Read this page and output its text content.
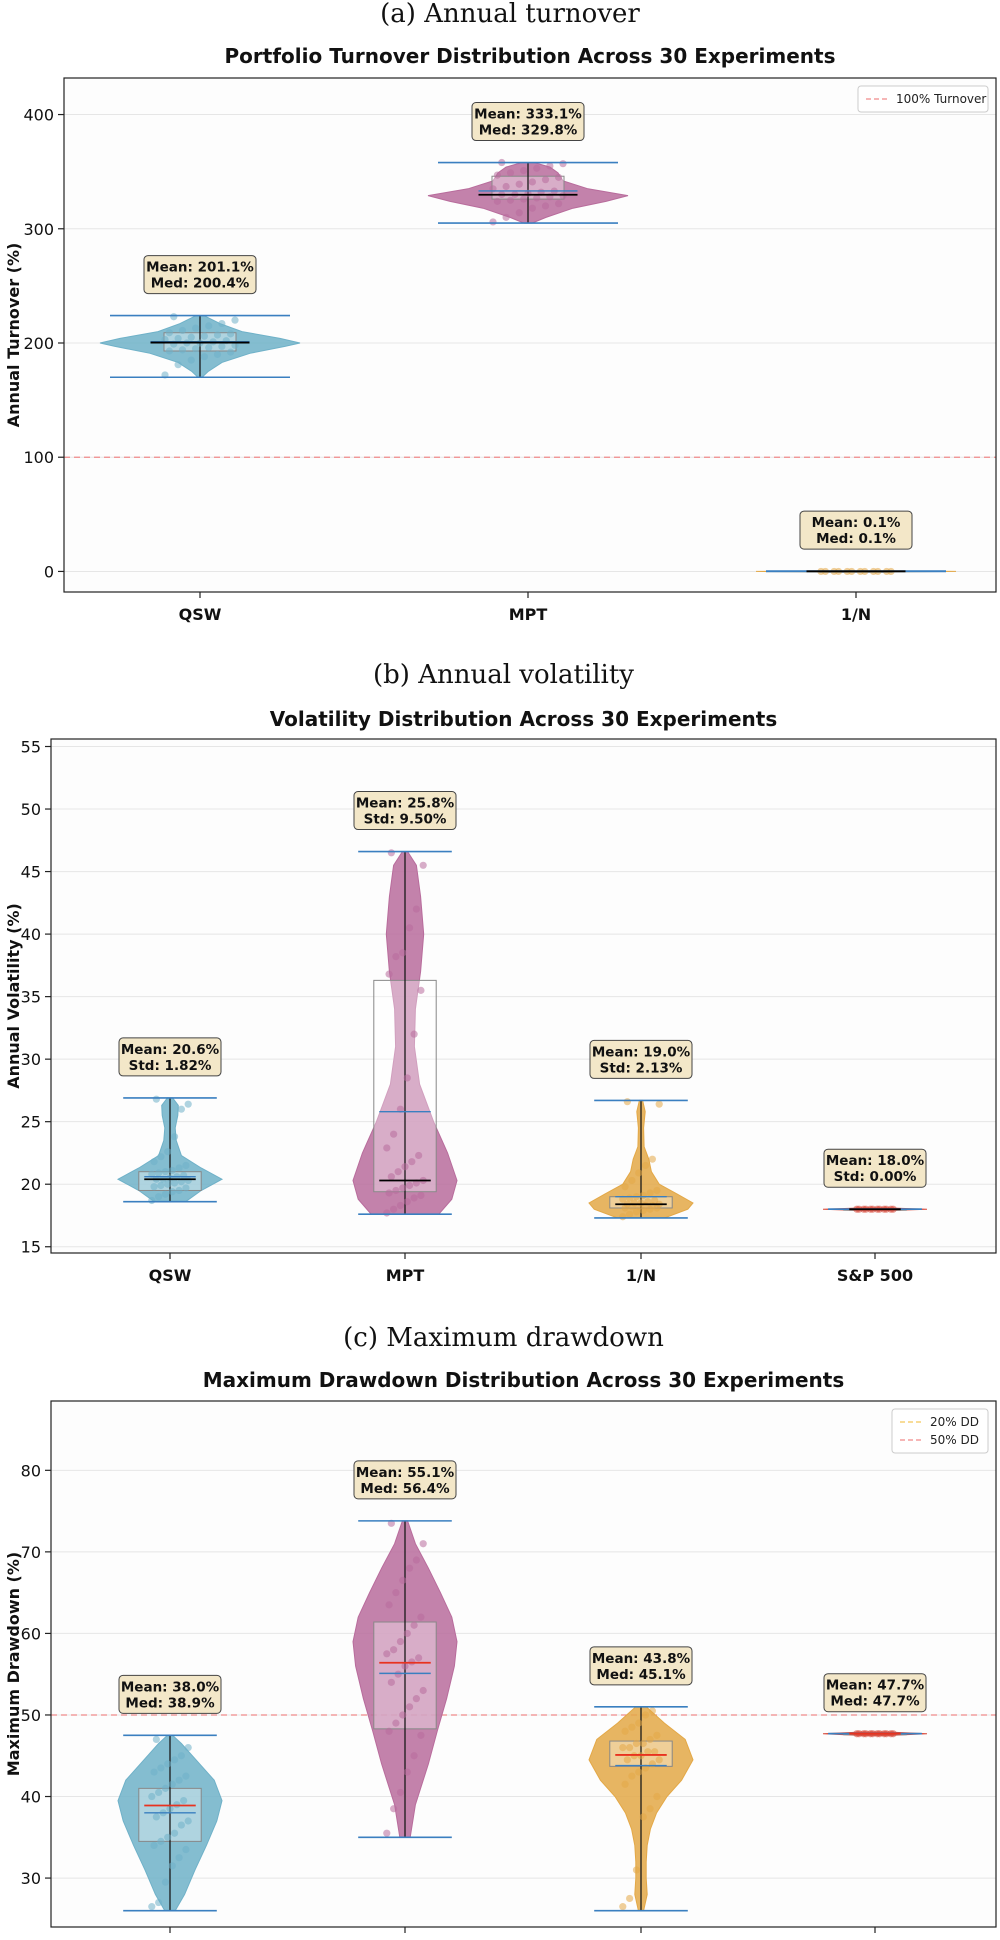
(a) Annual turnover
Portfolio Turnover Distribution Across 30 Experiments
0
100
200
300
400
Mean: 201.1%
Med: 200.4%
Mean: 333.1%
Med: 329.8%
Mean: 0.1%
Med: 0.1%
QSW	MPT	1/N
Annual Turnover (%)
100% Turnover
(b) Annual volatility
Volatility Distribution Across 30 Experiments
15
20
25
30
35
40
45
50
55
Mean: 20.6%
Std: 1.82%
Mean: 25.8%
Std: 9.50%
Mean: 19.0%
Std: 2.13%
Mean: 18.0%
Std: 0.00%
QSW	MPT	1/N	S&P 500
Annual Volatility (%)
(c) Maximum drawdown
Maximum Drawdown Distribution Across 30 Experiments
30
40
50
60
70
80
Mean: 38.0%
Med: 38.9%
Mean: 55.1%
Med: 56.4%
Mean: 43.8%
Med: 45.1%
Mean: 47.7%
Med: 47.7%
Maximum Drawdown (%)
20% DD
50% DD
